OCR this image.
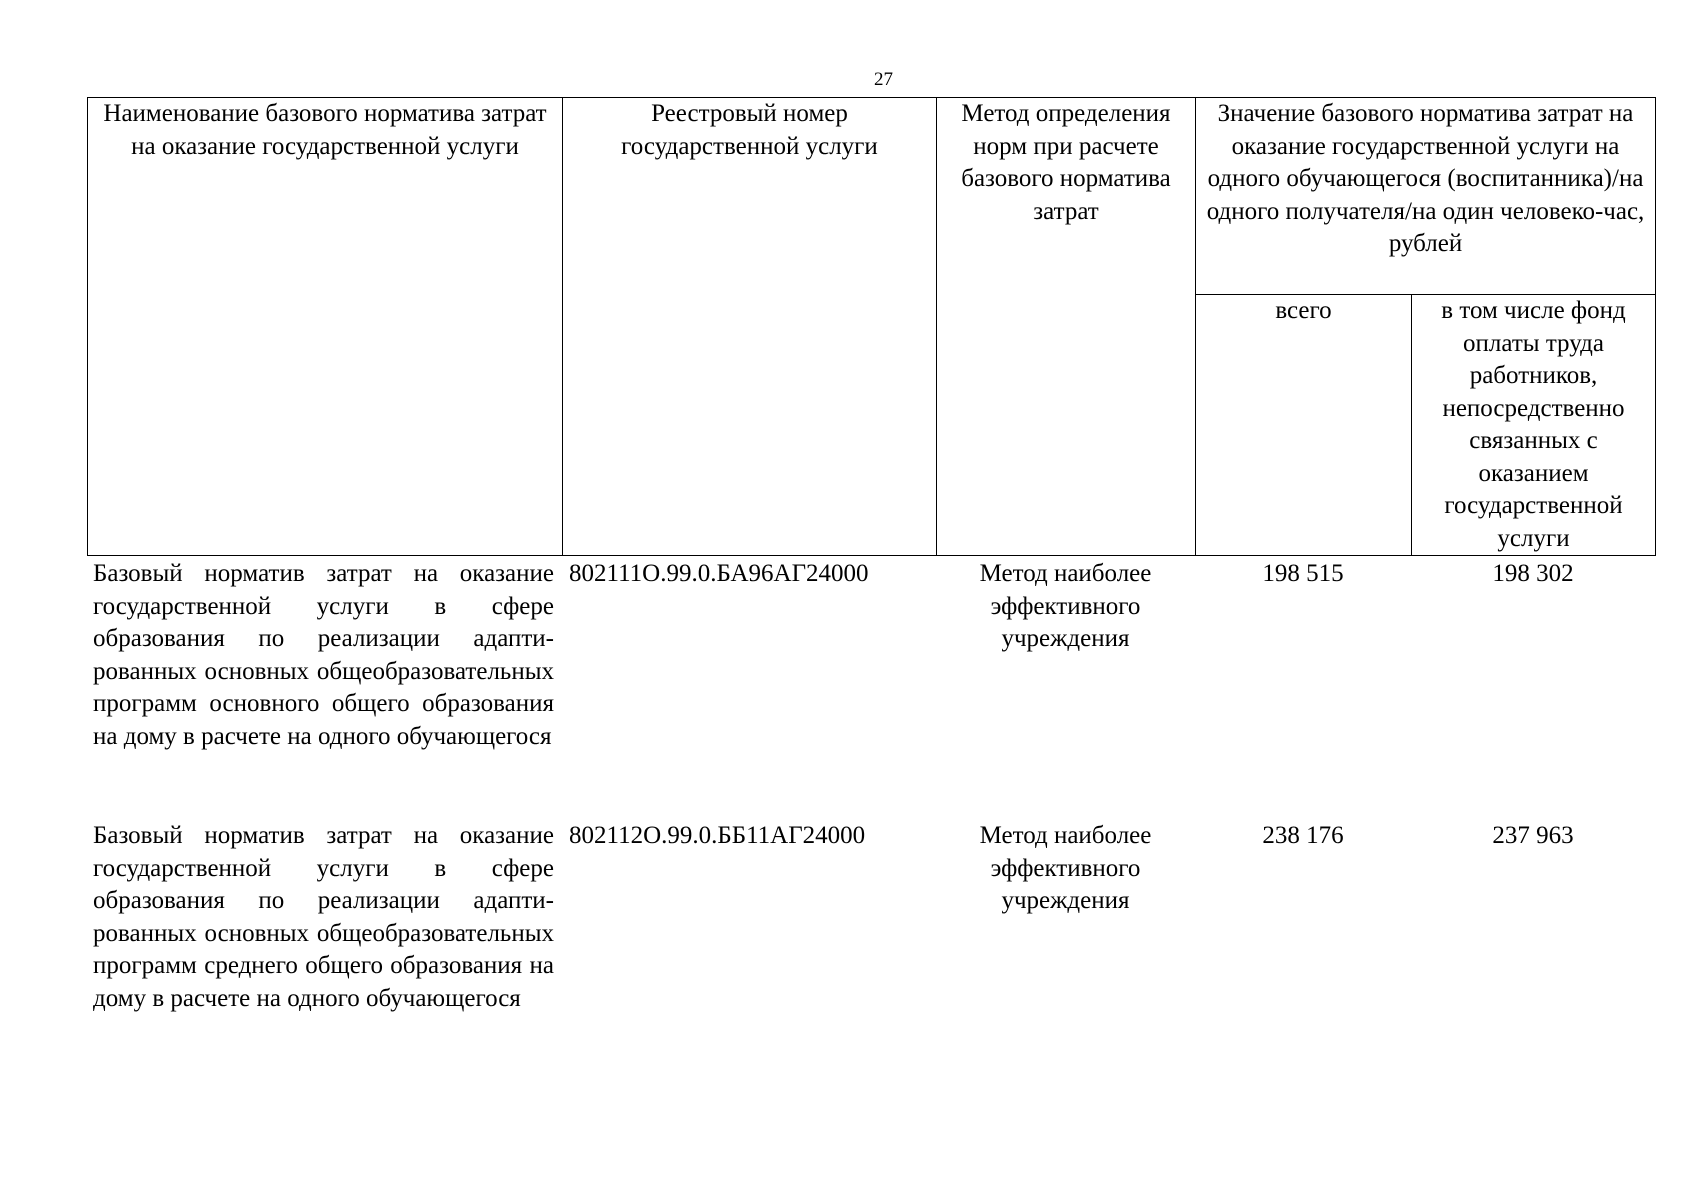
27
Наименование базового норматива затрат на оказание государственной услуги	Реестровый номер государственной услуги	Метод определения норм при расчете базового норматива затрат	Значение базового норматива затрат на оказание государственной услуги на одного обучающегося (воспитанника)/на одного получателя/на один человеко-час, рублей	
			всего	в том числе фонд оплаты труда работников, непосредственно связанных с оказанием государственной услуги
Базовый норматив затрат на оказание государственной услуги в сфере образования по реализации адаптированных основных общеобразовательных программ основного общего образования на дому в расчете на одного обучающегося	802111О.99.0.БА96АГ24000	Метод наиболее эффективного учреждения	198 515	198 302
Базовый норматив затрат на оказание государственной услуги в сфере образования по реализации адаптированных основных общеобразовательных программ среднего общего образования на дому в расчете на одного обучающегося	802112О.99.0.ББ11АГ24000	Метод наиболее эффективного учреждения	238 176	237 963
